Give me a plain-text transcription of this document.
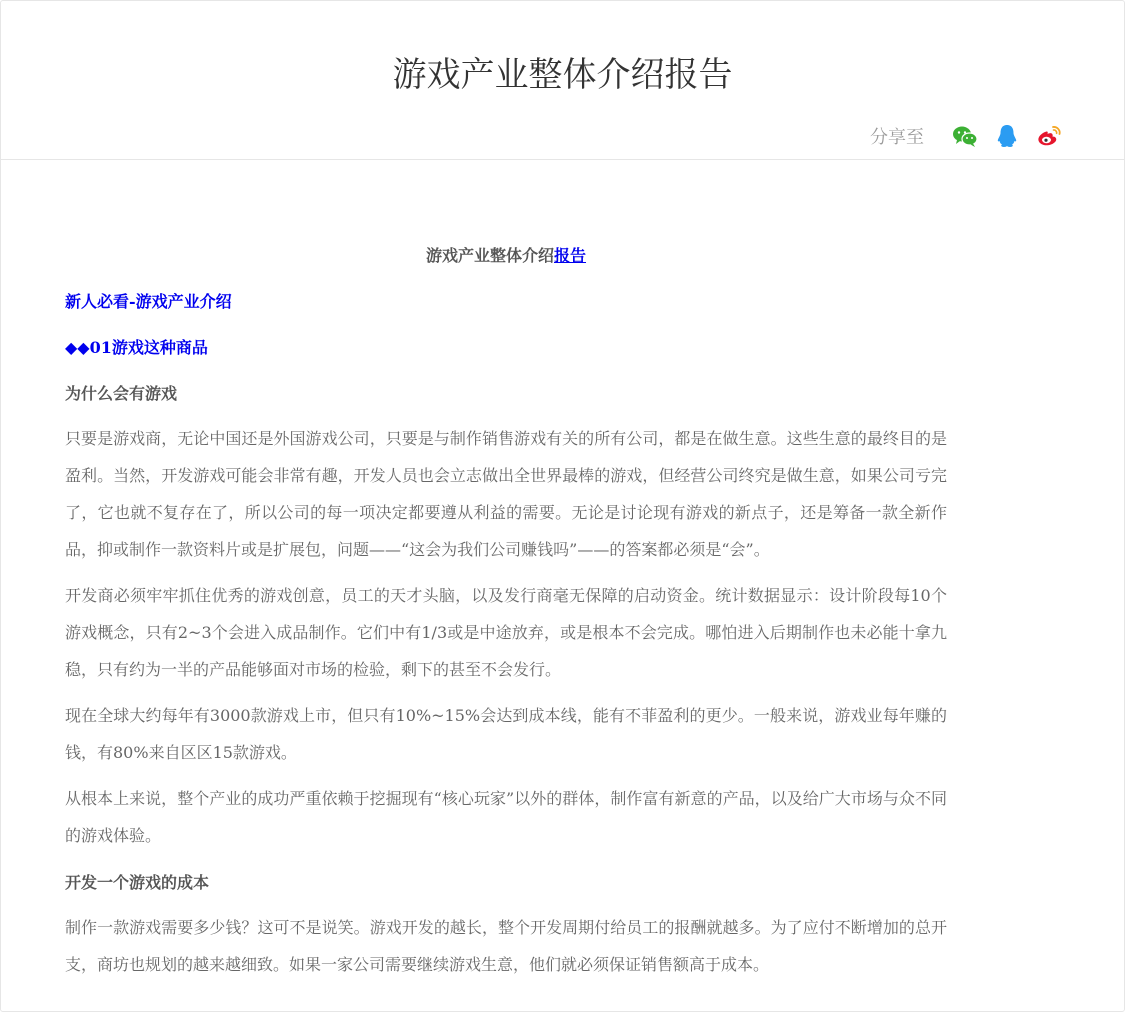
游戏产业整体介绍报告
分享至
游戏产业整体介绍报告
新人必看-游戏产业介绍
◆◆01游戏这种商品
为什么会有游戏

只要是游戏商，无论中国还是外国游戏公司，只要是与制作销售游戏有关的所有公司，都是在做生意。这些生意的最终目的是盈利。当然，开发游戏可能会非常有趣，开发人员也会立志做出全世界最棒的游戏，但经营公司终究是做生意，如果公司亏完了，它也就不复存在了，所以公司的每一项决定都要遵从利益的需要。无论是讨论现有游戏的新点子，还是筹备一款全新作品，抑或制作一款资料片或是扩展包，问题——“这会为我们公司赚钱吗”——的答案都必须是“会”。

开发商必须牢牢抓住优秀的游戏创意，员工的天才头脑，以及发行商毫无保障的启动资金。统计数据显示：设计阶段每10个游戏概念，只有2~3个会进入成品制作。它们中有1/3或是中途放弃，或是根本不会完成。哪怕进入后期制作也未必能十拿九稳，只有约为一半的产品能够面对市场的检验，剩下的甚至不会发行。

现在全球大约每年有3000款游戏上市，但只有10%~15%会达到成本线，能有不菲盈利的更少。一般来说，游戏业每年赚的钱，有80%来自区区15款游戏。

从根本上来说，整个产业的成功严重依赖于挖掘现有“核心玩家”以外的群体，制作富有新意的产品，以及给广大市场与众不同的游戏体验。

开发一个游戏的成本

制作一款游戏需要多少钱？这可不是说笑。游戏开发的越长，整个开发周期付给员工的报酬就越多。为了应付不断增加的总开支，商坊也规划的越来越细致。如果一家公司需要继续游戏生意，他们就必须保证销售额高于成本。
